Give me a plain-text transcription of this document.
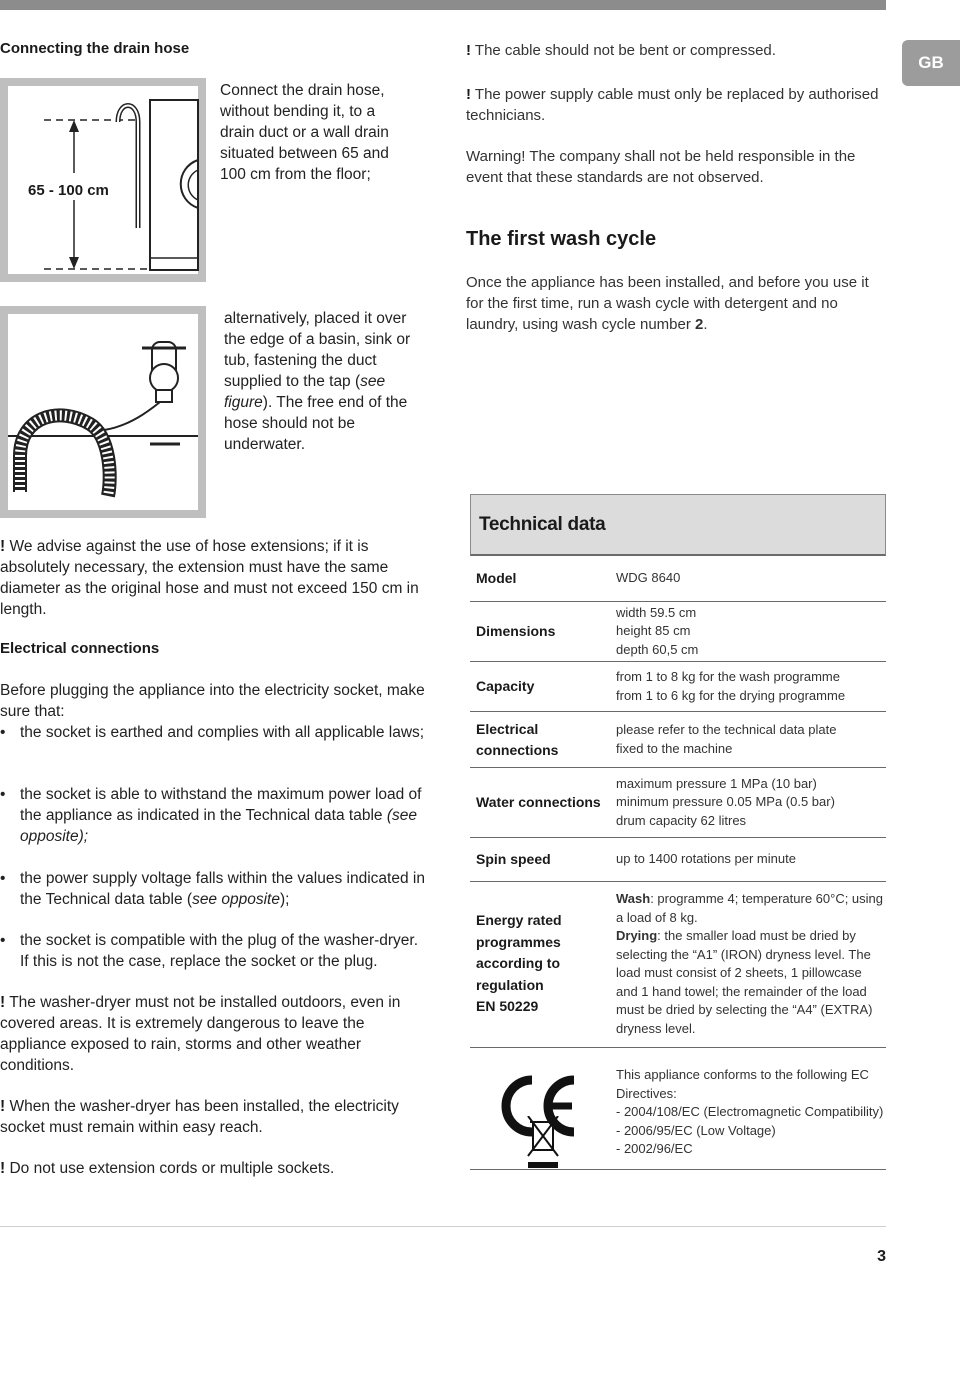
GB
Connecting the drain hose
65 - 100 cm
Connect the drain hose, without bending it, to a drain duct or a wall drain situated between 65 and 100 cm from the floor;
alternatively, placed it over the edge of a basin, sink or tub, fastening the duct supplied to the tap (see figure). The free end of the hose should not be underwater.
! We advise against the use of hose extensions; if it is absolutely necessary, the extension must have the same diameter as the original hose and must not exceed 150 cm in length.
Electrical connections
Before plugging the appliance into the electricity socket, make sure that:
• the socket is earthed and complies with all applicable laws;
• the socket is able to withstand the maximum power load of the appliance as indicated in the Technical data table (see opposite);
• the power supply voltage falls within the values indicated in the Technical data table (see opposite);
• the socket is compatible with the plug of the washer-dryer. If this is not the case, replace the socket or the plug.
! The washer-dryer must not be installed outdoors, even in covered areas. It is extremely dangerous to leave the appliance exposed to rain, storms and other weather conditions.
! When the washer-dryer has been installed, the electricity socket must remain within easy reach.
! Do not use extension cords or multiple sockets.
! The cable should not be bent or compressed.
! The power supply cable must only be replaced by authorised technicians.
Warning! The company shall not be held responsible in the event that these standards are not observed.
The first wash cycle
Once the appliance has been installed, and before you use it for the first time, run a wash cycle with detergent and no laundry, using wash cycle number 2.
Technical data
Model	WDG 8640
Dimensions
width 59.5 cm
height 85 cm
depth 60,5 cm
Capacity
from 1 to 8 kg for the wash programme
from 1 to 6 kg for the drying programme
Electrical
connections
please refer to the technical data plate
fixed to the machine
Water connections
maximum pressure 1 MPa (10 bar)
minimum pressure 0.05 MPa (0.5 bar)
drum capacity 62 litres
Spin speed	up to 1400 rotations per minute
Energy rated
programmes
according to
regulation
EN 50229
Wash: programme 4; temperature 60°C; using a load of 8 kg.
Drying: the smaller load must be dried by selecting the “A1” (IRON) dryness level. The load must consist of 2 sheets, 1 pillowcase and 1 hand towel; the remainder of the load must be dried by selecting the “A4” (EXTRA) dryness level.
This appliance conforms to the following EC Directives:
- 2004/108/EC (Electromagnetic Compatibility)
- 2006/95/EC (Low Voltage)
- 2002/96/EC
3
